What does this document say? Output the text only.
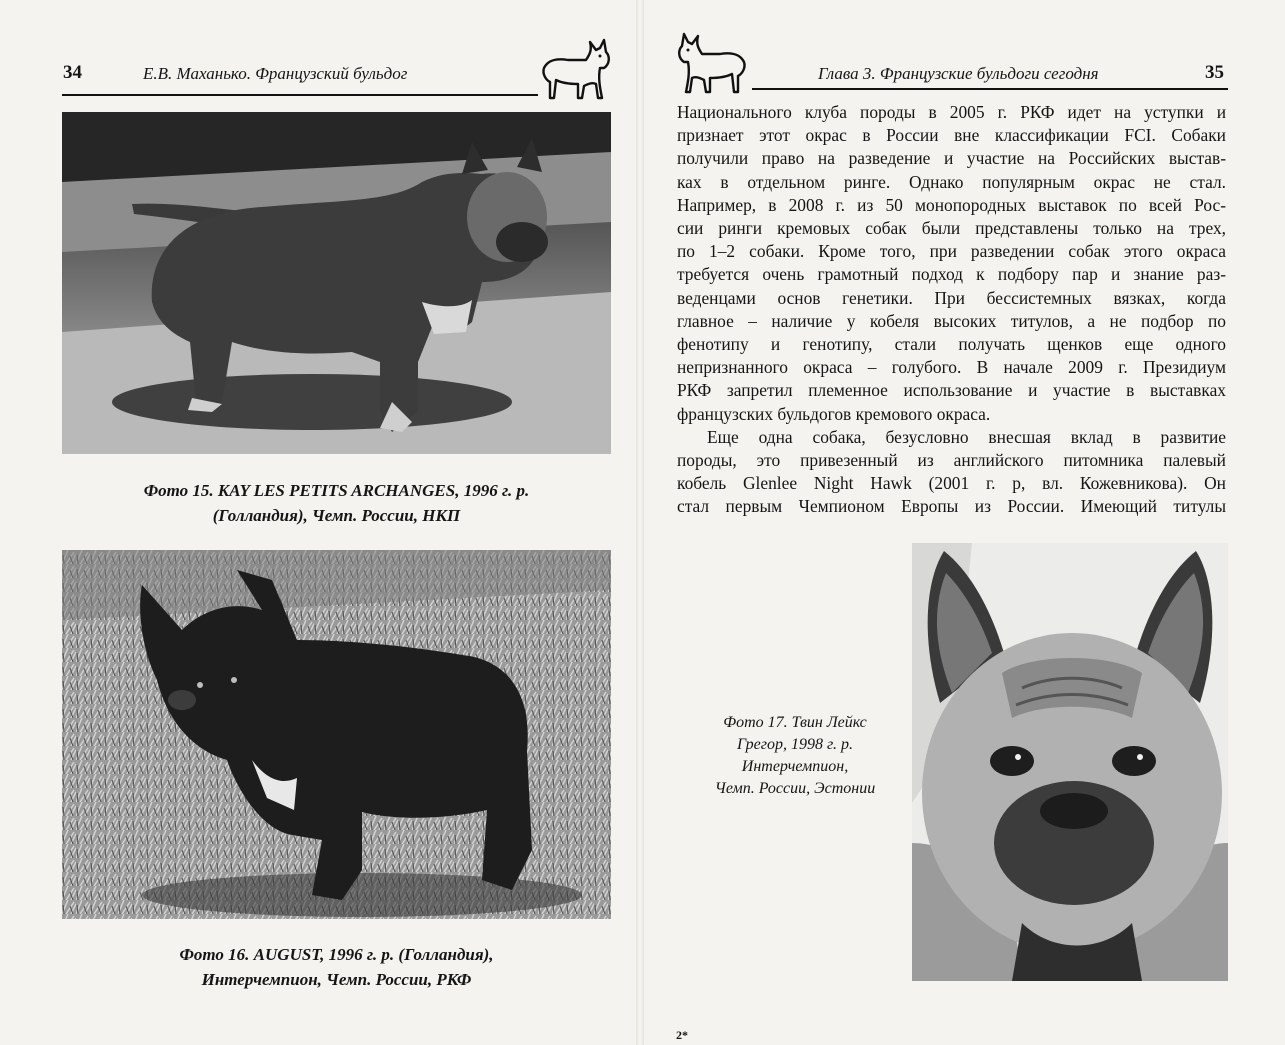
34	Е.В. Маханько. Французский бульдог
Фото 15. KAY LES PETITS ARCHANGES, 1996 г. р.
(Голландия), Чемп. России, НКП
Фото 16. AUGUST, 1996 г. р. (Голландия),
Интерчемпион, Чемп. России, РКФ
Глава 3. Французские бульдоги сегодня	35
Национального клуба породы в 2005 г. РКФ идет на уступки и
признает этот окрас в России вне классификации FCI. Собаки
получили право на разведение и участие на Российских выстав-
ках в отдельном ринге. Однако популярным окрас не стал.
Например, в 2008 г. из 50 монопородных выставок по всей Рос-
сии ринги кремовых собак были представлены только на трех,
по 1–2 собаки. Кроме того, при разведении собак этого окраса
требуется очень грамотный подход к подбору пар и знание раз-
веденцами основ генетики. При бессистемных вязках, когда
главное – наличие у кобеля высоких титулов, а не подбор по
фенотипу и генотипу, стали получать щенков еще одного
непризнанного окраса – голубого. В начале 2009 г. Президиум
РКФ запретил племенное использование и участие в выставках
французских бульдогов кремового окраса.
Еще одна собака, безусловно внесшая вклад в развитие
породы, это привезенный из английского питомника палевый
кобель Glenlee Night Hawk (2001 г. р, вл. Кожевникова). Он
стал первым Чемпионом Европы из России. Имеющий титулы
Фото 17. Твин Лейкс
Грегор, 1998 г. р.
Интерчемпион,
Чемп. России, Эстонии
2*
